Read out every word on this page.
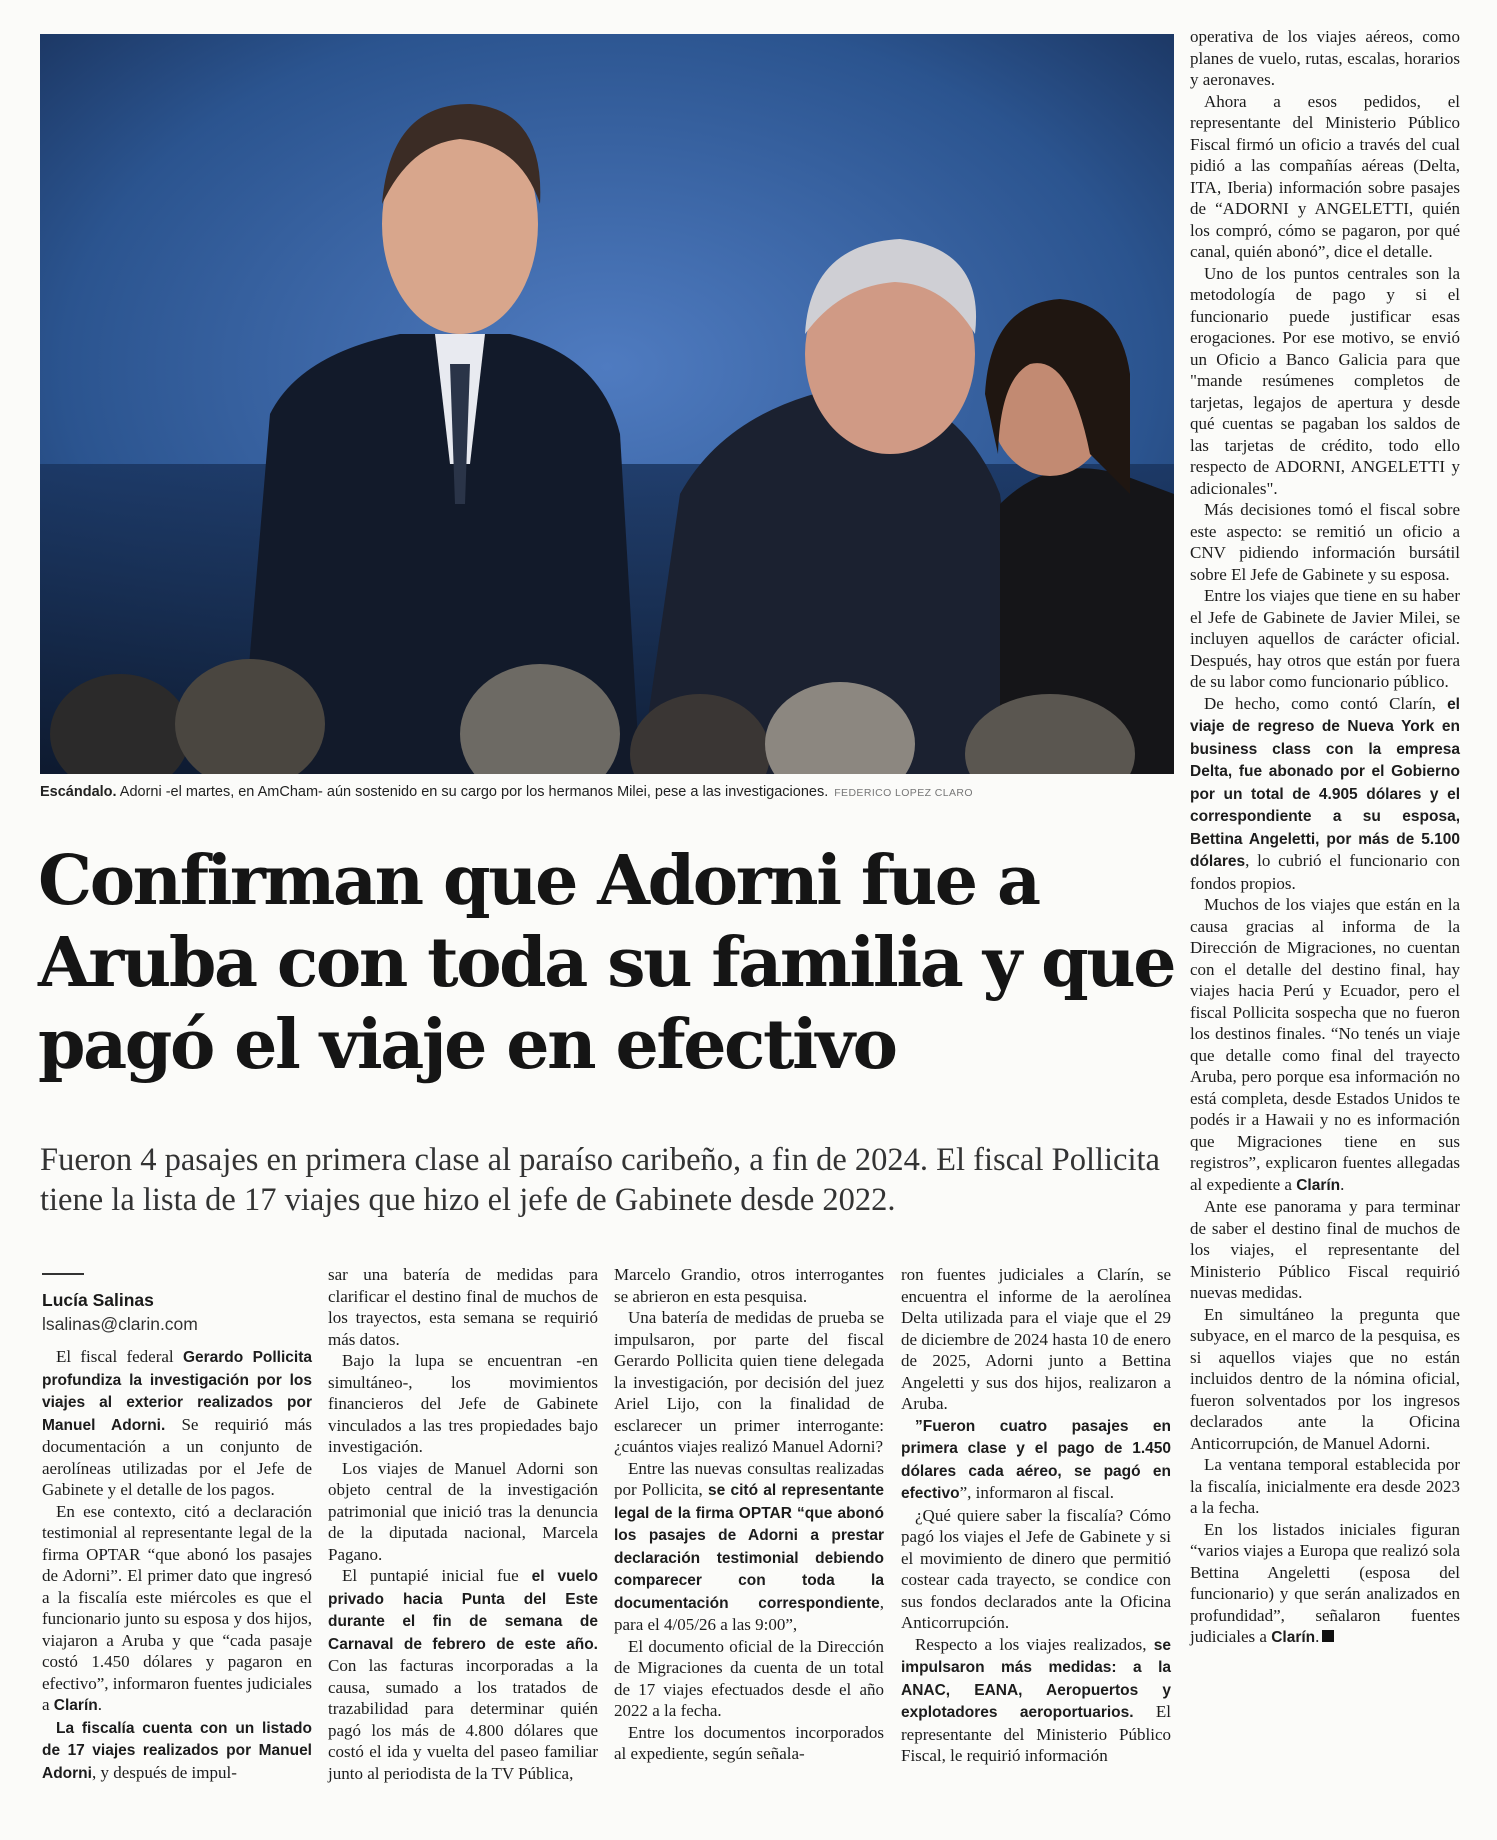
Escándalo. Adorni -el martes, en AmCham- aún sostenido en su cargo por los hermanos Milei, pese a las investigaciones. FEDERICO LOPEZ CLARO
Confirman que Adorni fue a Aruba con toda su familia y que pagó el viaje en efectivo

Fueron 4 pasajes en primera clase al paraíso caribeño, a fin de 2024. El fiscal Pollicita tiene la lista de 17 viajes que hizo el jefe de Gabinete desde 2022.

Lucía Salinas
lsalinas@clarin.com

El fiscal federal Gerardo Pollicita profundiza la investigación por los viajes al exterior realizados por Manuel Adorni. Se requirió más documentación a un conjunto de aerolíneas utilizadas por el Jefe de Gabinete y el detalle de los pagos.

En ese contexto, citó a declaración testimonial al representante legal de la firma OPTAR “que abonó los pasajes de Adorni”. El primer dato que ingresó a la fiscalía este miércoles es que el funcionario junto su esposa y dos hijos, viajaron a Aruba y que “cada pasaje costó 1.450 dólares y pagaron en efectivo”, informaron fuentes judiciales a Clarín.

La fiscalía cuenta con un listado de 17 viajes realizados por Manuel Adorni, y después de impul-

sar una batería de medidas para clarificar el destino final de muchos de los trayectos, esta semana se requirió más datos.

Bajo la lupa se encuentran -en simultáneo-, los movimientos financieros del Jefe de Gabinete vinculados a las tres propiedades bajo investigación.

Los viajes de Manuel Adorni son objeto central de la investigación patrimonial que inició tras la denuncia de la diputada nacional, Marcela Pagano.

El puntapié inicial fue el vuelo privado hacia Punta del Este durante el fin de semana de Carnaval de febrero de este año. Con las facturas incorporadas a la causa, sumado a los tratados de trazabilidad para determinar quién pagó los más de 4.800 dólares que costó el ida y vuelta del paseo familiar junto al periodista de la TV Pública,

Marcelo Grandio, otros interrogantes se abrieron en esta pesquisa.

Una batería de medidas de prueba se impulsaron, por parte del fiscal Gerardo Pollicita quien tiene delegada la investigación, por decisión del juez Ariel Lijo, con la finalidad de esclarecer un primer interrogante: ¿cuántos viajes realizó Manuel Adorni?

Entre las nuevas consultas realizadas por Pollicita, se citó al representante legal de la firma OPTAR “que abonó los pasajes de Adorni a prestar declaración testimonial debiendo comparecer con toda la documentación correspondiente, para el 4/05/26 a las 9:00”,

El documento oficial de la Dirección de Migraciones da cuenta de un total de 17 viajes efectuados desde el año 2022 a la fecha.

Entre los documentos incorporados al expediente, según señala-

ron fuentes judiciales a Clarín, se encuentra el informe de la aerolínea Delta utilizada para el viaje que el 29 de diciembre de 2024 hasta 10 de enero de 2025, Adorni junto a Bettina Angeletti y sus dos hijos, realizaron a Aruba.

”Fueron cuatro pasajes en primera clase y el pago de 1.450 dólares cada aéreo, se pagó en efectivo”, informaron al fiscal.

¿Qué quiere saber la fiscalía? Cómo pagó los viajes el Jefe de Gabinete y si el movimiento de dinero que permitió costear cada trayecto, se condice con sus fondos declarados ante la Oficina Anticorrupción.

Respecto a los viajes realizados, se impulsaron más medidas: a la ANAC, EANA, Aeropuertos y explotadores aeroportuarios. El representante del Ministerio Público Fiscal, le requirió información

operativa de los viajes aéreos, como planes de vuelo, rutas, escalas, horarios y aeronaves.

Ahora a esos pedidos, el representante del Ministerio Público Fiscal firmó un oficio a través del cual pidió a las compañías aéreas (Delta, ITA, Iberia) información sobre pasajes de “ADORNI y ANGELETTI, quién los compró, cómo se pagaron, por qué canal, quién abonó”, dice el detalle.

Uno de los puntos centrales son la metodología de pago y si el funcionario puede justificar esas erogaciones. Por ese motivo, se envió un Oficio a Banco Galicia para que "mande resúmenes completos de tarjetas, legajos de apertura y desde qué cuentas se pagaban los saldos de las tarjetas de crédito, todo ello respecto de ADORNI, ANGELETTI y adicionales".

Más decisiones tomó el fiscal sobre este aspecto: se remitió un oficio a CNV pidiendo información bursátil sobre El Jefe de Gabinete y su esposa.

Entre los viajes que tiene en su haber el Jefe de Gabinete de Javier Milei, se incluyen aquellos de carácter oficial. Después, hay otros que están por fuera de su labor como funcionario público.

De hecho, como contó Clarín, el viaje de regreso de Nueva York en business class con la empresa Delta, fue abonado por el Gobierno por un total de 4.905 dólares y el correspondiente a su esposa, Bettina Angeletti, por más de 5.100 dólares, lo cubrió el funcionario con fondos propios.

Muchos de los viajes que están en la causa gracias al informa de la Dirección de Migraciones, no cuentan con el detalle del destino final, hay viajes hacia Perú y Ecuador, pero el fiscal Pollicita sospecha que no fueron los destinos finales. “No tenés un viaje que detalle como final del trayecto Aruba, pero porque esa información no está completa, desde Estados Unidos te podés ir a Hawaii y no es información que Migraciones tiene en sus registros”, explicaron fuentes allegadas al expediente a Clarín.

Ante ese panorama y para terminar de saber el destino final de muchos de los viajes, el representante del Ministerio Público Fiscal requirió nuevas medidas.

En simultáneo la pregunta que subyace, en el marco de la pesquisa, es si aquellos viajes que no están incluidos dentro de la nómina oficial, fueron solventados por los ingresos declarados ante la Oficina Anticorrupción, de Manuel Adorni.

La ventana temporal establecida por la fiscalía, inicialmente era desde 2023 a la fecha.

En los listados iniciales figuran “varios viajes a Europa que realizó sola Bettina Angeletti (esposa del funcionario) y que serán analizados en profundidad”, señalaron fuentes judiciales a Clarín.
